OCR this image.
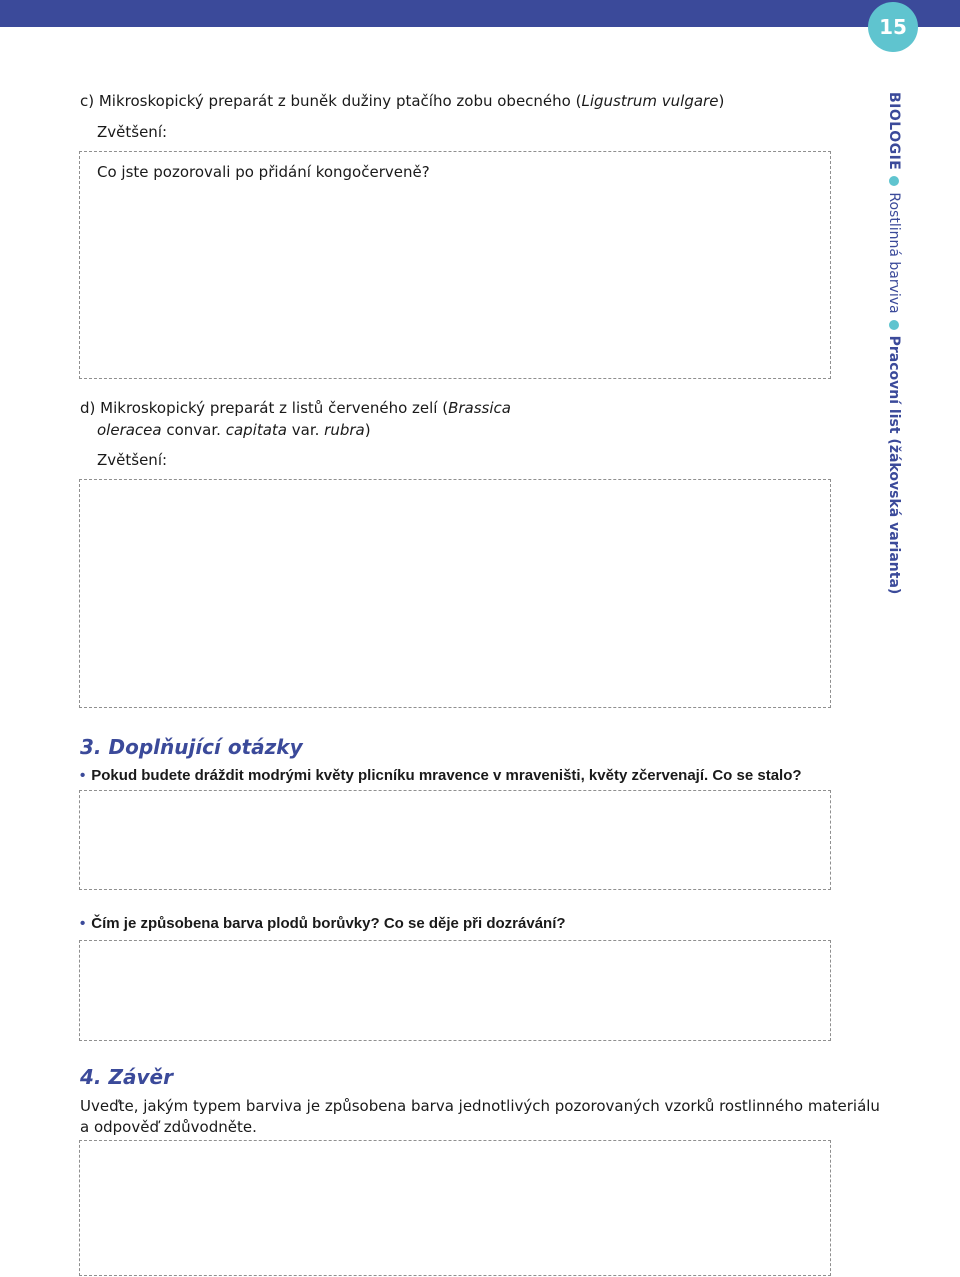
15
BIOLOGIE
Rostlinná barviva
Pracovní list (žákovská varianta)
c) Mikroskopický preparát z buněk dužiny ptačího zobu obecného (Ligustrum vulgare)
Zvětšení:
Co jste pozorovali po přidání kongočerveně?
d) Mikroskopický preparát z listů červeného zelí (Brassica
oleracea convar. capitata var. rubra)
Zvětšení:
3. Doplňující otázky
• Pokud budete dráždit modrými květy plicníku mravence v mraveništi, květy zčervenají. Co se stalo?
• Čím je způsobena barva plodů borůvky? Co se děje při dozrávání?
4. Závěr
Uveďte, jakým typem barviva je způsobena barva jednotlivých pozorovaných vzorků rostlinného materiálu
a odpověď zdůvodněte.
